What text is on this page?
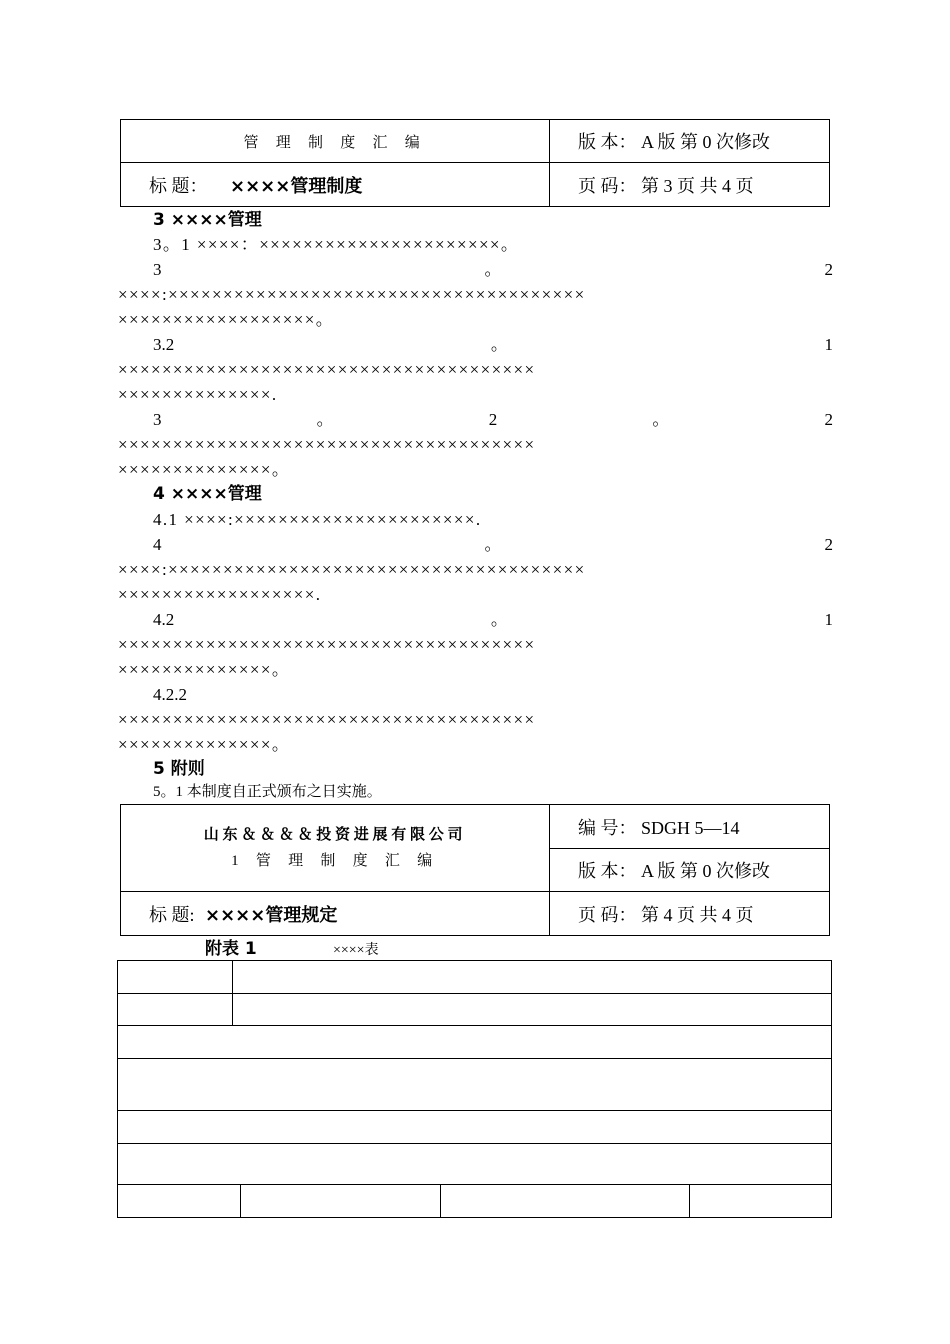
管 理 制 度 汇 编	版 本： A 版 第 0 次修改
标 题： ××××管理制度	页 码： 第 3 页 共 4 页
3 ××××管理
3。1 ××××：××××××××××××××××××××××。
3	。	2
××××:××××××××××××××××××××××××××××××××××××××
××××××××××××××××××。
3.2	。	1
××××××××××××××××××××××××××××××××××××××
××××××××××××××.
3	。	2	。	2
××××××××××××××××××××××××××××××××××××××
××××××××××××××。
4 ××××管理
4.1 ××××:××××××××××××××××××××××.
4	。	2
××××:××××××××××××××××××××××××××××××××××××××
××××××××××××××××××.
4.2	。	1
××××××××××××××××××××××××××××××××××××××
××××××××××××××。
4.2.2
××××××××××××××××××××××××××××××××××××××
××××××××××××××。
5 附则
5。1 本制度自正式颁布之日实施。
山东＆＆＆＆投资进展有限公司
1 管 理 制 度 汇 编	编 号： SDGH 5—14
	版 本： A 版 第 0 次修改
标 题: ××××管理规定	页 码： 第 4 页 共 4 页
附表 1	××××表
